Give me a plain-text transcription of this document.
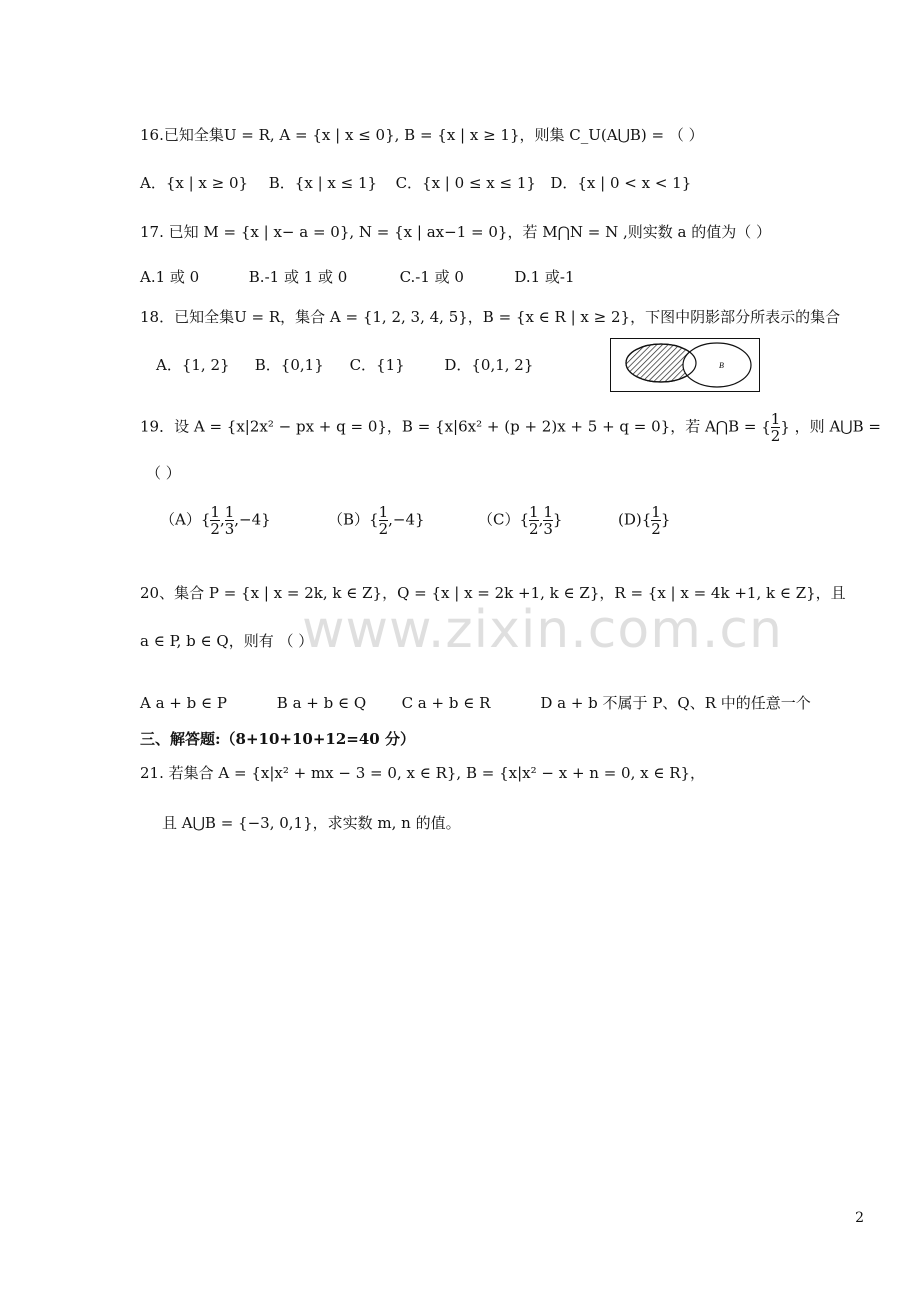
16.已知全集U = R, A = {x | x ≤ 0}, B = {x | x ≥ 1}，则集 C_U(A⋃B) = （ ）
A．{x | x ≥ 0} B．{x | x ≤ 1} C．{x | 0 ≤ x ≤ 1} D．{x | 0 < x < 1}
17. 已知 M = {x | x− a = 0}, N = {x | ax−1 = 0}，若 M⋂N = N ,则实数 a 的值为（ ）
A.1 或 0	B.-1 或 1 或 0	C.-1 或 0	D.1 或-1
18．已知全集U = R，集合 A = {1, 2, 3, 4, 5}，B = {x ∈ R | x ≥ 2}，下图中阴影部分所表示的集合
A．{1, 2} B．{0,1} C．{1}	D．{0,1, 2}	B
19．设 A = {x|2x² − px + q = 0}，B = {x|6x² + (p + 2)x + 5 + q = 0}，若 A⋂B = { $\frac{1}{2}$ } ，则 A⋃B =
（ ）
$(A)\{ \frac{1}{2}$ , $\frac{1}{3} ,-4$}	$(B)\{ \frac{1}{2} ,-4\}$	$(C)\{ \frac{1}{2}$ , $\frac{1}{3}$ }	$(D)\{ \frac{1}{2}$ }
20、集合 P = {x | x = 2k, k ∈ Z}，Q = {x | x = 2k +1, k ∈ Z}，R = {x | x = 4k +1, k ∈ Z}，且
a ∈ P, b ∈ Q，则有 （ ）
A a + b ∈ P	B a + b ∈ Q C a + b ∈ R	D a + b 不属于 P、Q、R 中的任意一个
三、解答题:（8+10+10+12=40 分）
21. 若集合 A = {x|x² + mx − 3 = 0, x ∈ R}, B = {x|x² − x + n = 0, x ∈ R}，
且 A⋃B = {−3, 0,1}，求实数 m, n 的值。
www.zixin.com.cn
2
